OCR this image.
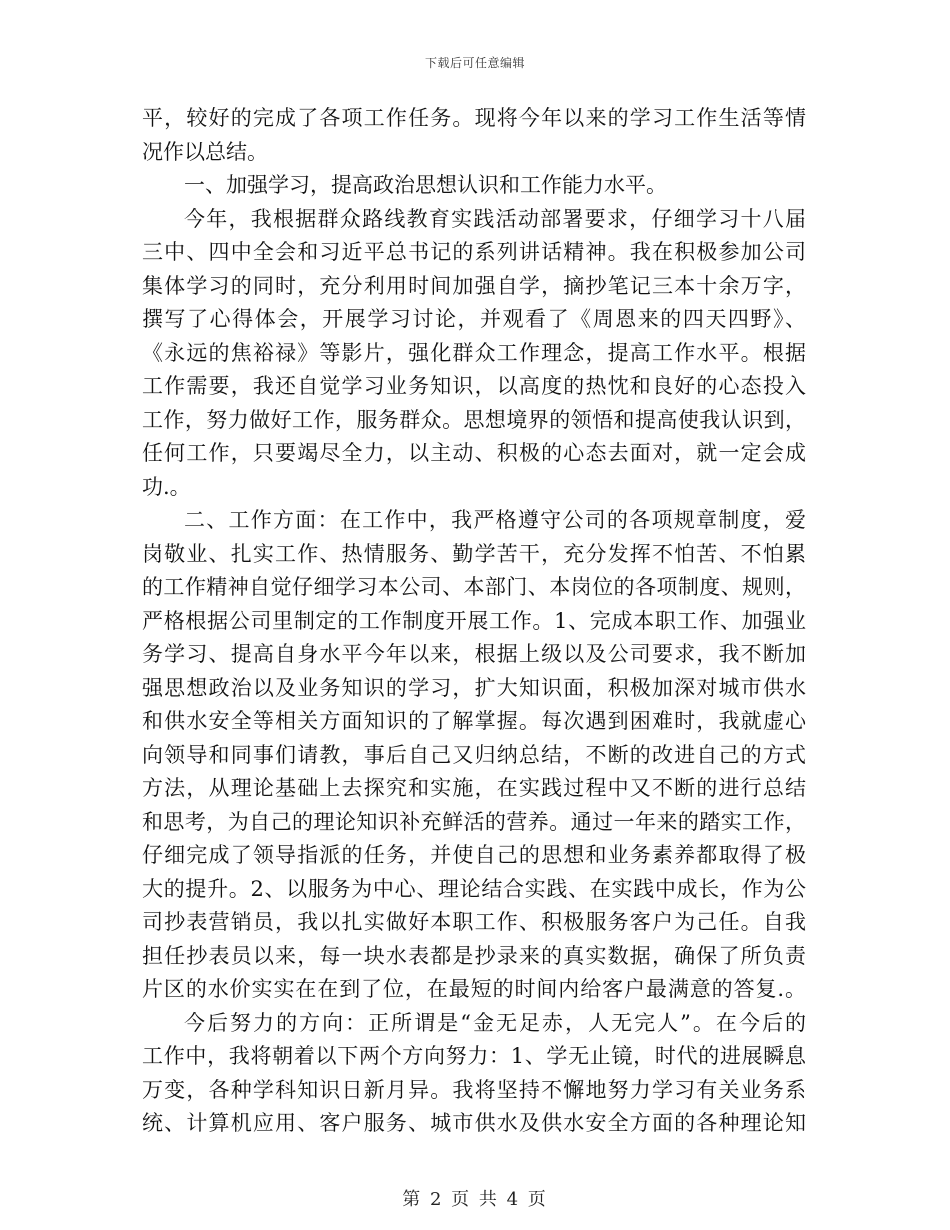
下载后可任意编辑
平，较好的完成了各项工作任务。现将今年以来的学习工作生活等情
况作以总结。
一、加强学习，提高政治思想认识和工作能力水平。
今年，我根据群众路线教育实践活动部署要求，仔细学习十八届
三中、四中全会和习近平总书记的系列讲话精神。我在积极参加公司
集体学习的同时，充分利用时间加强自学，摘抄笔记三本十余万字，
撰写了心得体会，开展学习讨论，并观看了《周恩来的四天四野》、
《永远的焦裕禄》等影片，强化群众工作理念，提高工作水平。根据
工作需要，我还自觉学习业务知识，以高度的热忱和良好的心态投入
工作，努力做好工作，服务群众。思想境界的领悟和提高使我认识到，
任何工作，只要竭尽全力，以主动、积极的心态去面对，就一定会成
功.。
二、工作方面：在工作中，我严格遵守公司的各项规章制度，爱
岗敬业、扎实工作、热情服务、勤学苦干，充分发挥不怕苦、不怕累
的工作精神自觉仔细学习本公司、本部门、本岗位的各项制度、规则，
严格根据公司里制定的工作制度开展工作。1、完成本职工作、加强业
务学习、提高自身水平今年以来，根据上级以及公司要求，我不断加
强思想政治以及业务知识的学习，扩大知识面，积极加深对城市供水
和供水安全等相关方面知识的了解掌握。每次遇到困难时，我就虚心
向领导和同事们请教，事后自己又归纳总结，不断的改进自己的方式
方法，从理论基础上去探究和实施，在实践过程中又不断的进行总结
和思考，为自己的理论知识补充鲜活的营养。通过一年来的踏实工作，
仔细完成了领导指派的任务，并使自己的思想和业务素养都取得了极
大的提升。2、以服务为中心、理论结合实践、在实践中成长，作为公
司抄表营销员，我以扎实做好本职工作、积极服务客户为己任。自我
担任抄表员以来，每一块水表都是抄录来的真实数据，确保了所负责
片区的水价实实在在到了位，在最短的时间内给客户最满意的答复.。
今后努力的方向：正所谓是“金无足赤，人无完人”。在今后的
工作中，我将朝着以下两个方向努力：1、学无止镜，时代的进展瞬息
万变，各种学科知识日新月异。我将坚持不懈地努力学习有关业务系
统、计算机应用、客户服务、城市供水及供水安全方面的各种理论知
第 2 页 共 4 页
